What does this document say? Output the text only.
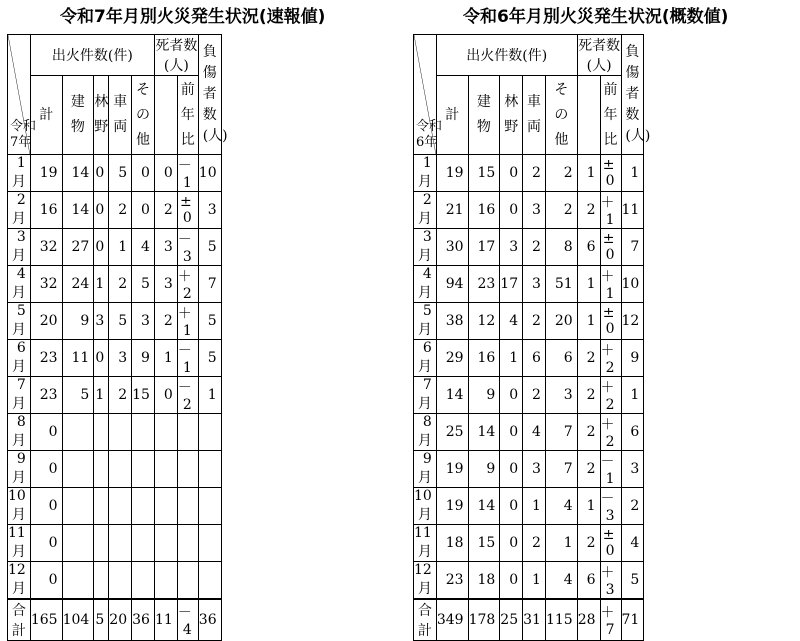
令和7年月別火災発生状況(速報値)
令和7年	出火件数(件)					死者数(人)		負傷者数(人)

	計	建物	林野	車両	その他		前年比	

1月	19	14	0	5	0	0	－ 1	10
2月	16	14	0	2	0	2	± 0	3
3月	32	27	0	1	4	3	－ 3	5
4月	32	24	1	2	5	3	＋ 2	7
5月	20	9	3	5	3	2	＋ 1	5
6月	23	11	0	3	9	1	－ 1	5
7月	23	5	1	2	15	0	－ 2	1
8月	0							
9月	0							
10月	0							
11月	0							
12月	0							
合計	165	104	5	20	36	11	－ 4	36
令和6年月別火災発生状況(概数値)
令和6年	出火件数(件)					死者数(人)		負傷者数(人)

	計	建物	林野	車両	その他		前年比	

1月	19	15	0	2	2	1	± 0	1
2月	21	16	0	3	2	2	＋ 1	11
3月	30	17	3	2	8	6	± 0	7
4月	94	23	17	3	51	1	＋ 1	10
5月	38	12	4	2	20	1	± 0	12
6月	29	16	1	6	6	2	＋ 2	9
7月	14	9	0	2	3	2	＋ 2	1
8月	25	14	0	4	7	2	＋ 2	6
9月	19	9	0	3	7	2	－ 1	3
10月	19	14	0	1	4	1	－ 3	2
11月	18	15	0	2	1	2	± 0	4
12月	23	18	0	1	4	6	＋ 3	5
合計	349	178	25	31	115	28	＋ 7	71
